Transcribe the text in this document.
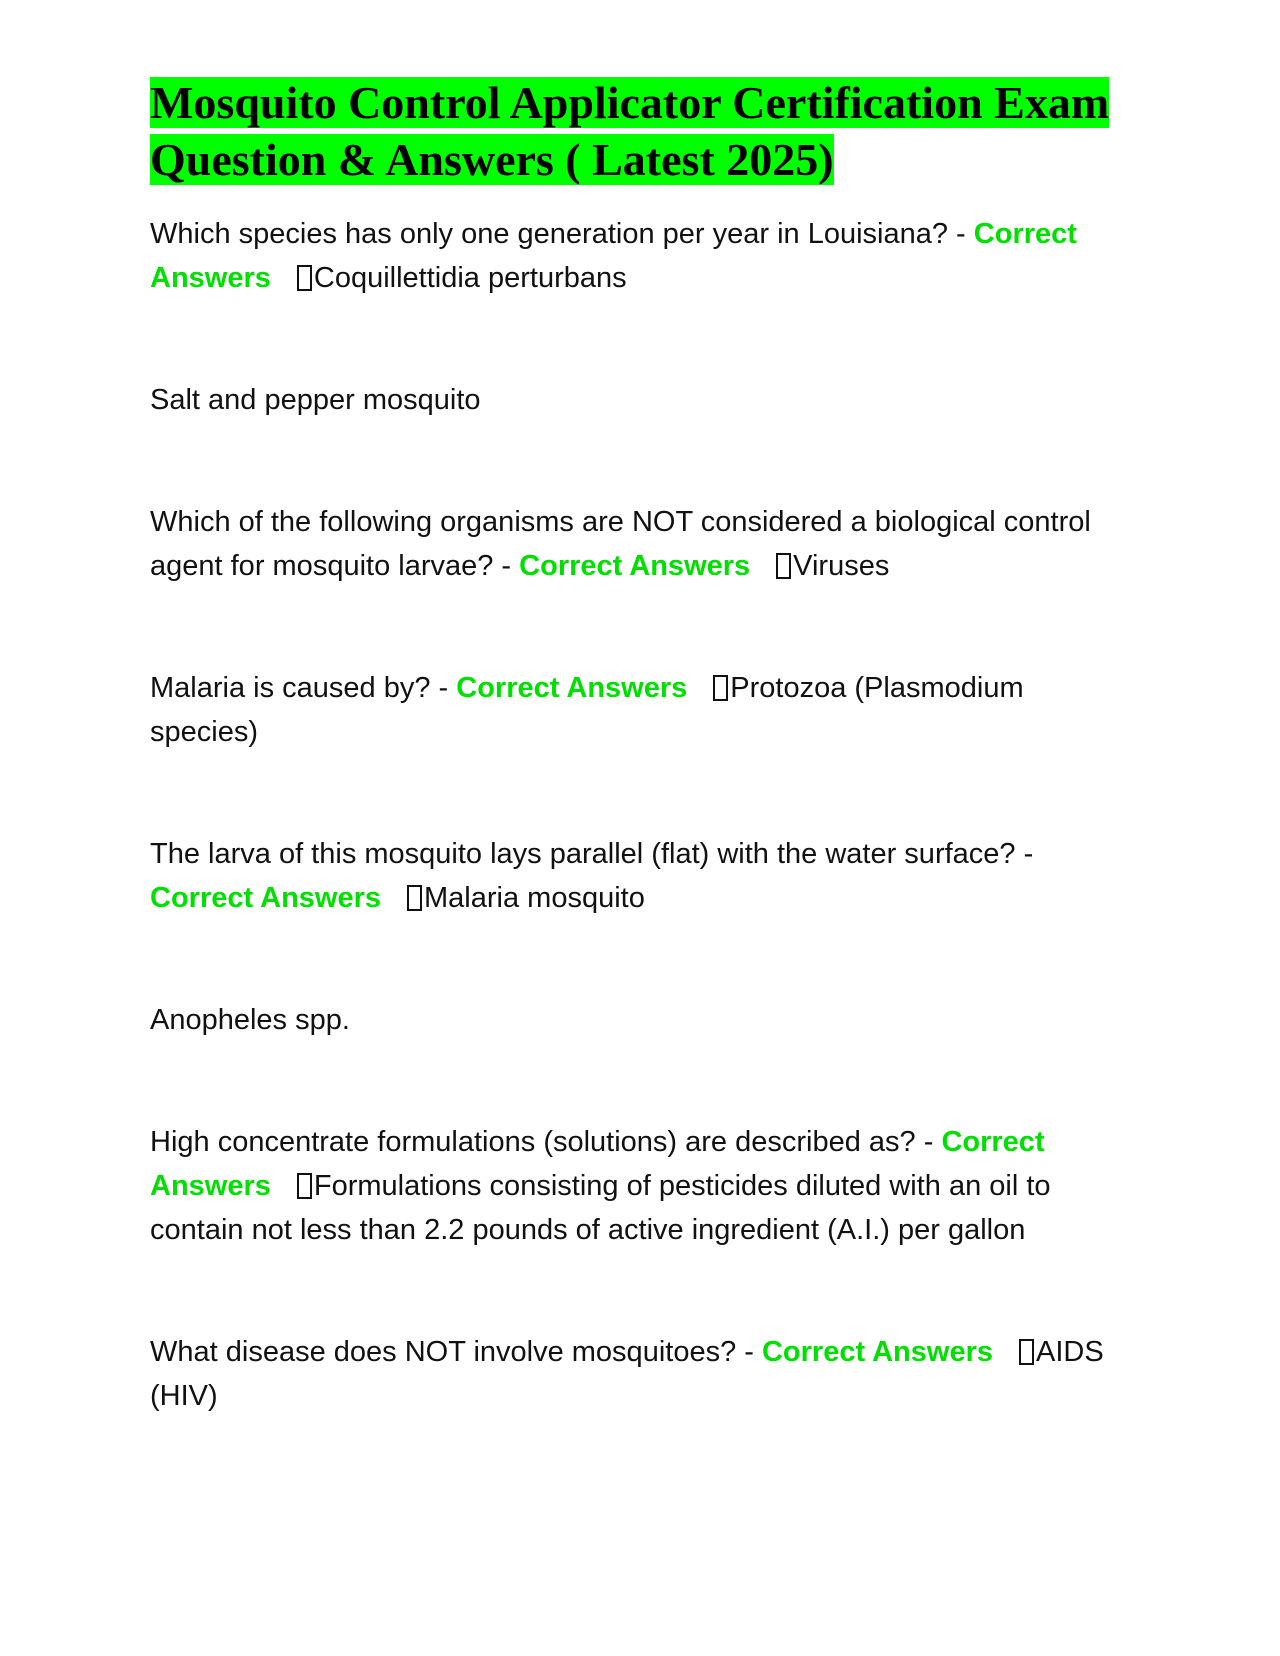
Mosquito Control Applicator Certification Exam Question & Answers ( Latest 2025)

Which species has only one generation per year in Louisiana? - Correct Answers Coquillettidia perturbans

Salt and pepper mosquito

Which of the following organisms are NOT considered a biological control agent for mosquito larvae? - Correct Answers Viruses

Malaria is caused by? - Correct Answers Protozoa (Plasmodium species)

The larva of this mosquito lays parallel (flat) with the water surface? - Correct Answers Malaria mosquito

Anopheles spp.

High concentrate formulations (solutions) are described as? - Correct Answers Formulations consisting of pesticides diluted with an oil to contain not less than 2.2 pounds of active ingredient (A.I.) per gallon

What disease does NOT involve mosquitoes? - Correct Answers AIDS (HIV)
